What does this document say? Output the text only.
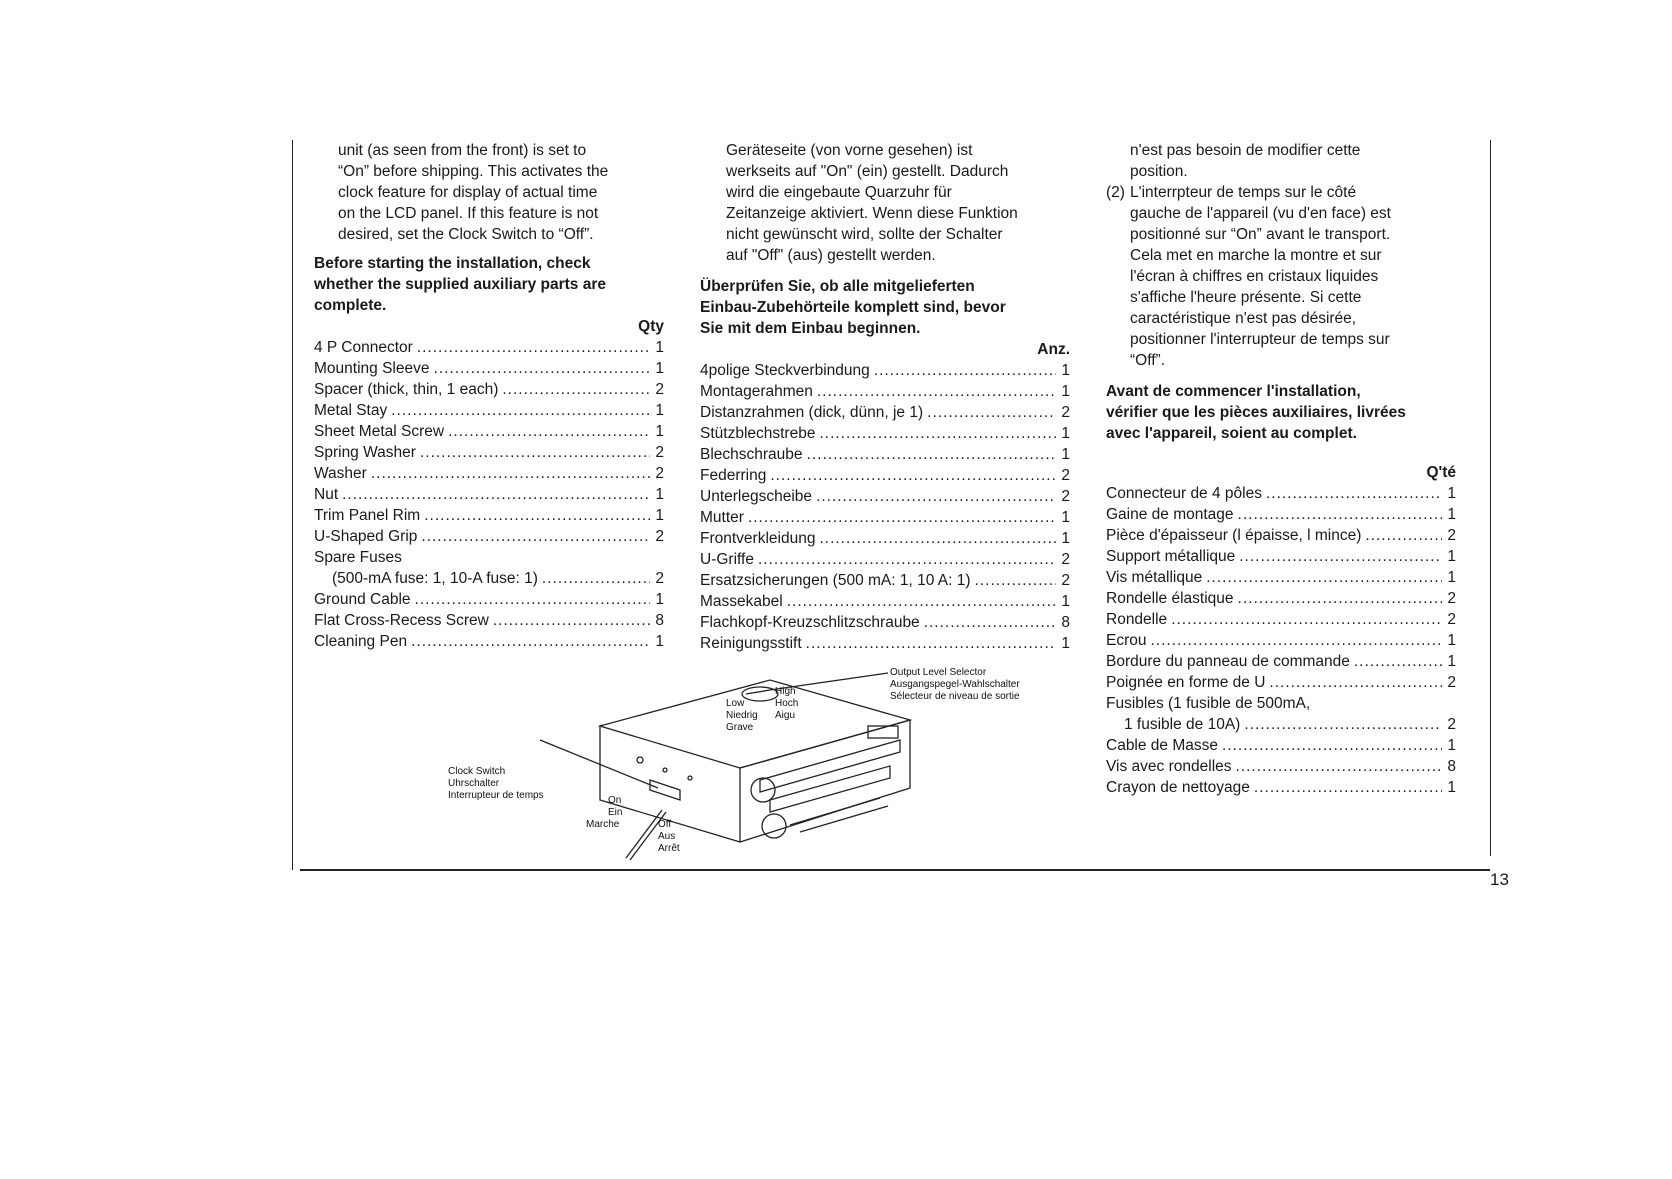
13

unit (as seen from the front) is set to

“On” before shipping. This activates the

clock feature for display of actual time

on the LCD panel. If this feature is not

desired, set the Clock Switch to “Off”.

Before starting the installation, check

whether the supplied auxiliary parts are

complete.

Qty
4 P Connector .....	1
Mounting Sleeve .....	1
Spacer (thick, thin, 1 each) .....	2
Metal Stay .....	1
Sheet Metal Screw .....	1
Spring Washer .....	2
Washer .....	2
Nut .....	1
Trim Panel Rim .....	1
U-Shaped Grip .....	2
Spare Fuses
(500-mA fuse: 1, 10-A fuse: 1) .....	2
Ground Cable .....	1
Flat Cross-Recess Screw .....	8
Cleaning Pen .....	1

Geräteseite (von vorne gesehen) ist

werkseits auf "On" (ein) gestellt. Dadurch

wird die eingebaute Quarzuhr für

Zeitanzeige aktiviert. Wenn diese Funktion

nicht gewünscht wird, sollte der Schalter

auf "Off" (aus) gestellt werden.

Überprüfen Sie, ob alle mitgelieferten

Einbau-Zubehörteile komplett sind, bevor

Sie mit dem Einbau beginnen.

Anz.
4polige Steckverbindung .....	1
Montagerahmen .....	1
Distanzrahmen (dick, dünn, je 1) .....	2
Stützblechstrebe .....	1
Blechschraube .....	1
Federring .....	2
Unterlegscheibe .....	2
Mutter .....	1
Frontverkleidung .....	1
U-Griffe .....	2
Ersatzsicherungen (500 mA: 1, 10 A: 1) .....	2
Massekabel .....	1
Flachkopf-Kreuzschlitzschraube .....	8
Reinigungsstift .....	1

n'est pas besoin de modifier cette

position.

(2) L'interrpteur de temps sur le côté

gauche de l'appareil (vu d'en face) est

positionné sur “On” avant le transport.

Cela met en marche la montre et sur

l'écran à chiffres en cristaux liquides

s'affiche l'heure présente. Si cette

caractéristique n'est pas désirée,

positionner l'interrupteur de temps sur

“Off”.

Avant de commencer l'installation,

vérifier que les pièces auxiliaires, livrées

avec l'appareil, soient au complet.

Q'té
Connecteur de 4 pôles .....	1
Gaine de montage .....	1
Pièce d'épaisseur (l épaisse, l mince) .....	2
Support métallique .....	1
Vis métallique .....	1
Rondelle élastique .....	2
Rondelle .....	2
Ecrou .....	1
Bordure du panneau de commande .....	1
Poignée en forme de U .....	2
Fusibles (1 fusible de 500mA,
1 fusible de 10A) .....	2
Cable de Masse .....	1
Vis avec rondelles .....	8
Crayon de nettoyage .....	1
Output Level Selector
Ausgangspegel-Wahlschalter
Sélecteur de niveau de sortie
High
Hoch
Aigu
Low
Niedrig
Grave
Clock Switch
Uhrschalter
Interrupteur de temps	On
Ein
Marche	Off
Aus
Arrêt
